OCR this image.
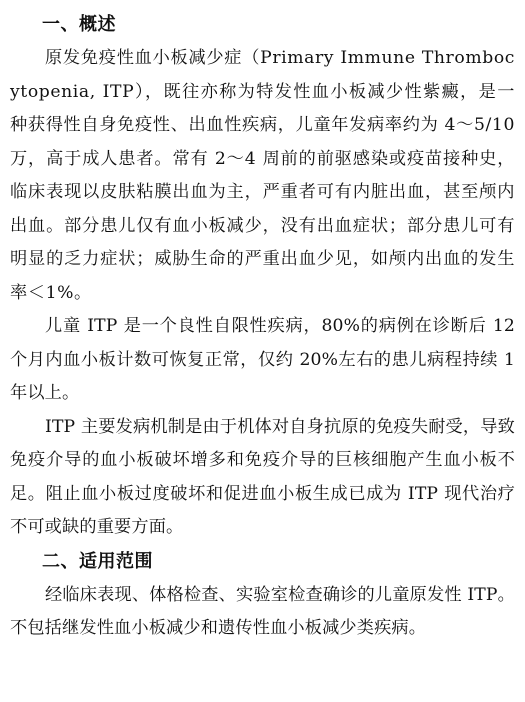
一、概述

原发免疫性血小板减少症（Primary Immune Thrombocytopenia, ITP），既往亦称为特发性血小板减少性紫癜，是一种获得性自身免疫性、出血性疾病，儿童年发病率约为 4～5/10 万，高于成人患者。常有 2～4 周前的前驱感染或疫苗接种史，临床表现以皮肤粘膜出血为主，严重者可有内脏出血，甚至颅内出血。部分患儿仅有血小板减少，没有出血症状；部分患儿可有明显的乏力症状；威胁生命的严重出血少见，如颅内出血的发生率＜1%。

儿童 ITP 是一个良性自限性疾病，80%的病例在诊断后 12 个月内血小板计数可恢复正常，仅约 20%左右的患儿病程持续 1 年以上。

ITP 主要发病机制是由于机体对自身抗原的免疫失耐受，导致免疫介导的血小板破坏增多和免疫介导的巨核细胞产生血小板不足。阻止血小板过度破坏和促进血小板生成已成为 ITP 现代治疗不可或缺的重要方面。

二、适用范围

经临床表现、体格检查、实验室检查确诊的儿童原发性 ITP。不包括继发性血小板减少和遗传性血小板减少类疾病。
